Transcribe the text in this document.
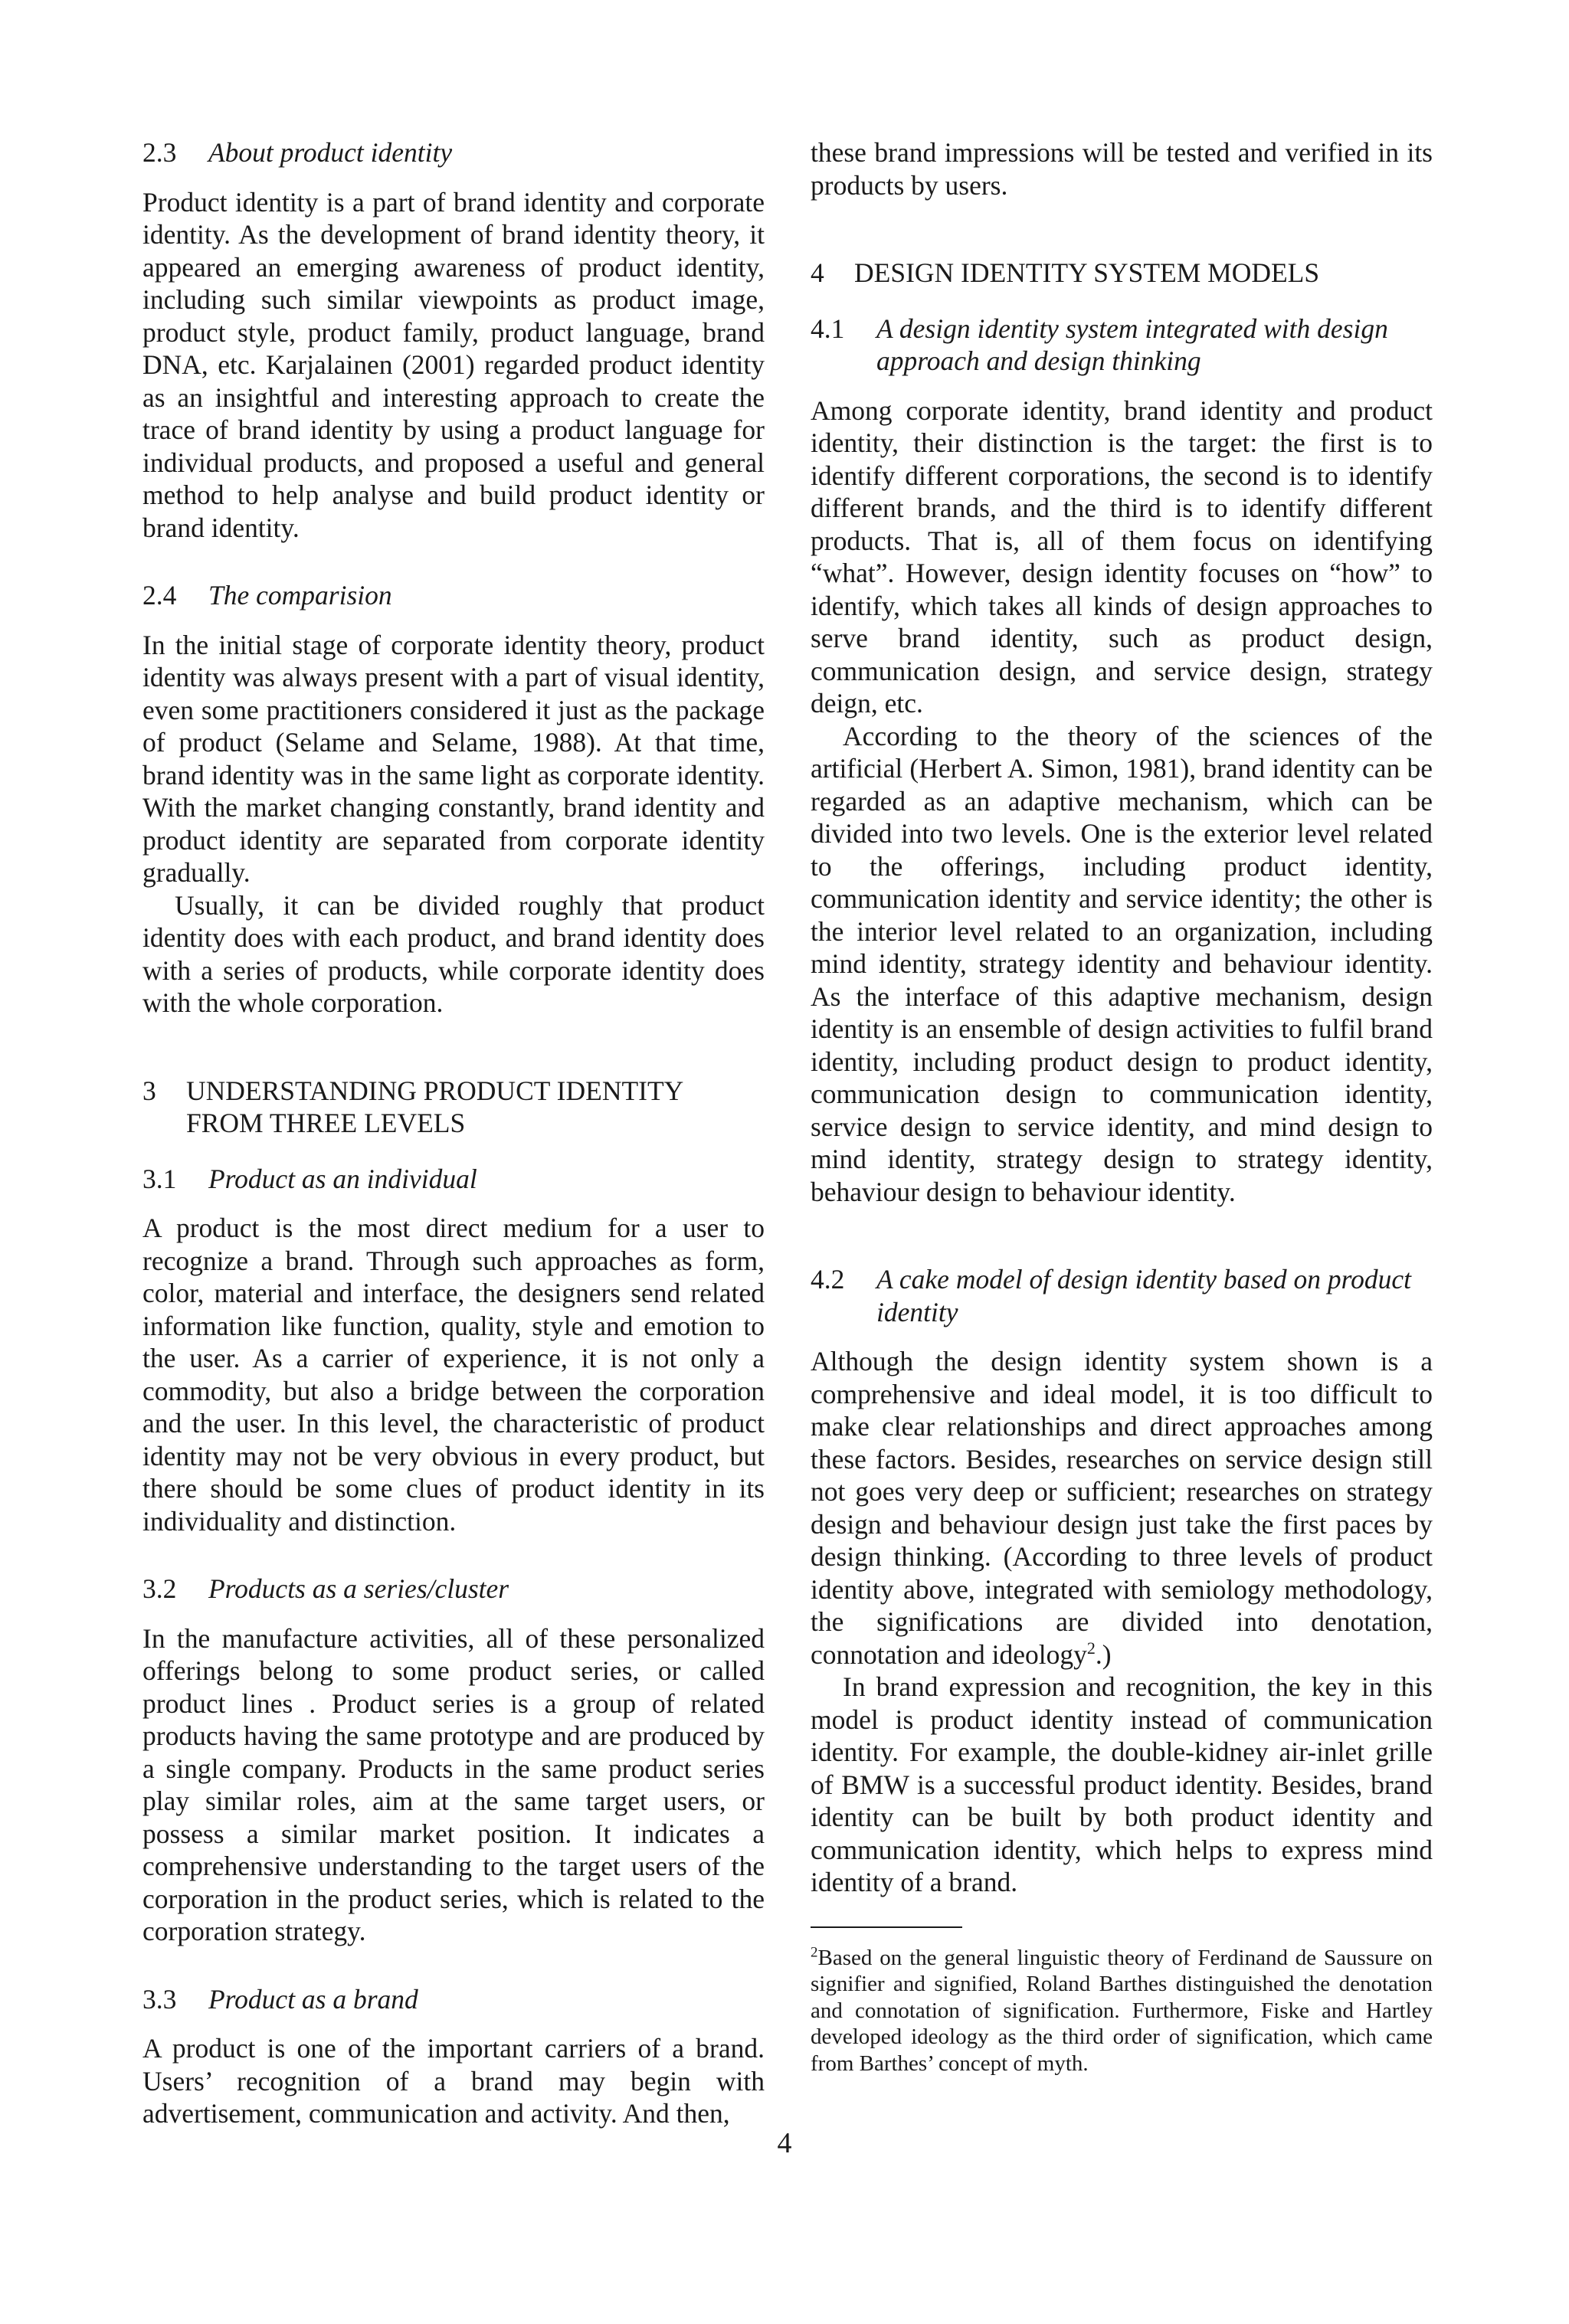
2.3	About product identity

Product identity is a part of brand identity and corporate identity. As the development of brand identity theory, it appeared an emerging awareness of product identity, including such similar viewpoints as product image, product style, product family, product language, brand DNA, etc. Karjalainen (2001) regarded product identity as an insightful and interesting approach to create the trace of brand identity by using a product language for individual products, and proposed a useful and general method to help analyse and build product identity or brand identity.

2.4	The comparision

In the initial stage of corporate identity theory, product identity was always present with a part of visual identity, even some practitioners considered it just as the package of product (Selame and Selame, 1988). At that time, brand identity was in the same light as corporate identity. With the market changing constantly, brand identity and product identity are separated from corporate identity gradually.

Usually, it can be divided roughly that product identity does with each product, and brand identity does with a series of products, while corporate identity does with the whole corporation.

3	UNDERSTANDING PRODUCT IDENTITY FROM THREE LEVELS
3.1	Product as an individual

A product is the most direct medium for a user to recognize a brand. Through such approaches as form, color, material and interface, the designers send related information like function, quality, style and emotion to the user. As a carrier of experience, it is not only a commodity, but also a bridge between the corporation and the user. In this level, the characteristic of product identity may not be very obvious in every product, but there should be some clues of product identity in its individuality and distinction.

3.2	Products as a series/cluster

In the manufacture activities, all of these personalized offerings belong to some product series, or called product lines . Product series is a group of related products having the same prototype and are produced by a single company. Products in the same product series play similar roles, aim at the same target users, or possess a similar market position. It indicates a comprehensive understanding to the target users of the corporation in the product series, which is related to the corporation strategy.

3.3	Product as a brand

A product is one of the important carriers of a brand. Users’ recognition of a brand may begin with advertisement, communication and activity. And then,

these brand impressions will be tested and verified in its products by users.

4	DESIGN IDENTITY SYSTEM MODELS
4.1	A design identity system integrated with design approach and design thinking

Among corporate identity, brand identity and product identity, their distinction is the target: the first is to identify different corporations, the second is to identify different brands, and the third is to identify different products. That is, all of them focus on identifying “what”. However, design identity focuses on “how” to identify, which takes all kinds of design approaches to serve brand identity, such as product design, communication design, and service design, strategy deign, etc.

According to the theory of the sciences of the artificial (Herbert A. Simon, 1981), brand identity can be regarded as an adaptive mechanism, which can be divided into two levels. One is the exterior level related to the offerings, including product identity, communication identity and service identity; the other is the interior level related to an organization, including mind identity, strategy identity and behaviour identity. As the interface of this adaptive mechanism, design identity is an ensemble of design activities to fulfil brand identity, including product design to product identity, communication design to communication identity, service design to service identity, and mind design to mind identity, strategy design to strategy identity, behaviour design to behaviour identity.

4.2	A cake model of design identity based on product identity

Although the design identity system shown is a comprehensive and ideal model, it is too difficult to make clear relationships and direct approaches among these factors. Besides, researches on service design still not goes very deep or sufficient; researches on strategy design and behaviour design just take the first paces by design thinking. (According to three levels of product identity above, integrated with semiology methodology, the significations are divided into denotation, connotation and ideology$^2$.)

In brand expression and recognition, the key in this model is product identity instead of communication identity. For example, the double-kidney air-inlet grille of BMW is a successful product identity. Besides, brand identity can be built by both product identity and communication identity, which helps to express mind identity of a brand.

$^2$Based on the general linguistic theory of Ferdinand de Saussure on signifier and signified, Roland Barthes distinguished the denotation and connotation of signification. Furthermore, Fiske and Hartley developed ideology as the third order of signification, which came from Barthes’ concept of myth.
4
